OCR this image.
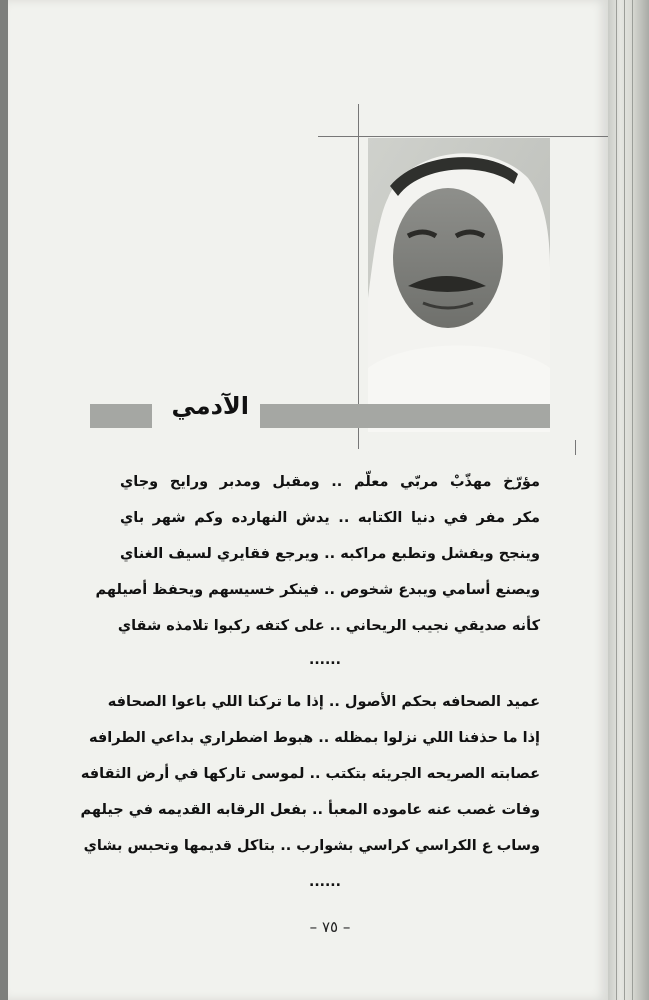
الآدمي
مؤرّخ مهذّبْ مربّي معلّم .. ومقبل ومدبر ورايح وجاي
مكر مفر في دنيا الكتابه .. يدش النهارده وكم شهر باي
وينجح ويفشل وتطبع مراكبه .. ويرجع فقايري لسيف الغناي
ويصنع أسامي ويبدع شخوص .. فينكر خسيسهم ويحفظ أصيلهم
كأنه صديقي نجيب الريحاني .. على كتفه ركبوا تلامذه شقاي
......
عميد الصحافه بحكم الأصول .. إذا ما تركنا اللي باعوا الصحافه
إذا ما حذفنا اللي نزلوا بمظله .. هبوط اضطراري بداعي الطرافه
عصابته الصريحه الجريئه بتكتب .. لموسى تاركها في أرض الثقافه
وفات غصب عنه عاموده المعبأ .. بفعل الرقابه القديمه في جيلهم
وساب ع الكراسي كراسي بشوارب .. بتاكل قديمها وتحبس بشاي
......
– ٧٥ –
